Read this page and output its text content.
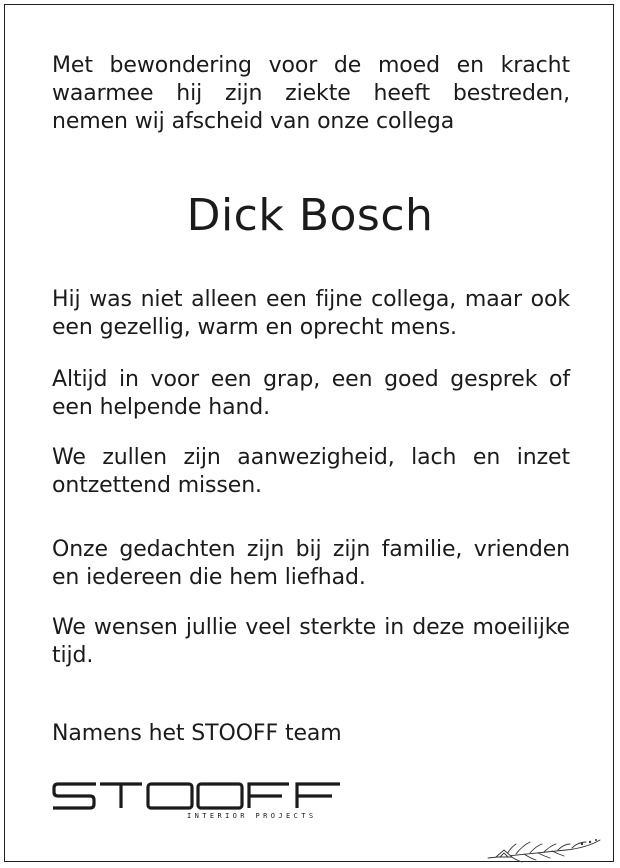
Met bewondering voor de moed en kracht waarmee hij zijn ziekte heeft bestreden, nemen wij afscheid van onze collega

Dick Bosch

Hij was niet alleen een fijne collega, maar ook een gezellig, warm en oprecht mens.

Altijd in voor een grap, een goed gesprek of een helpende hand.

We zullen zijn aanwezigheid, lach en inzet ontzettend missen.

Onze gedachten zijn bij zijn familie, vrienden en iedereen die hem liefhad.

We wensen jullie veel sterkte in deze moeilijke tijd.

Namens het STOOFF team

INTERIOR PROJECTS
